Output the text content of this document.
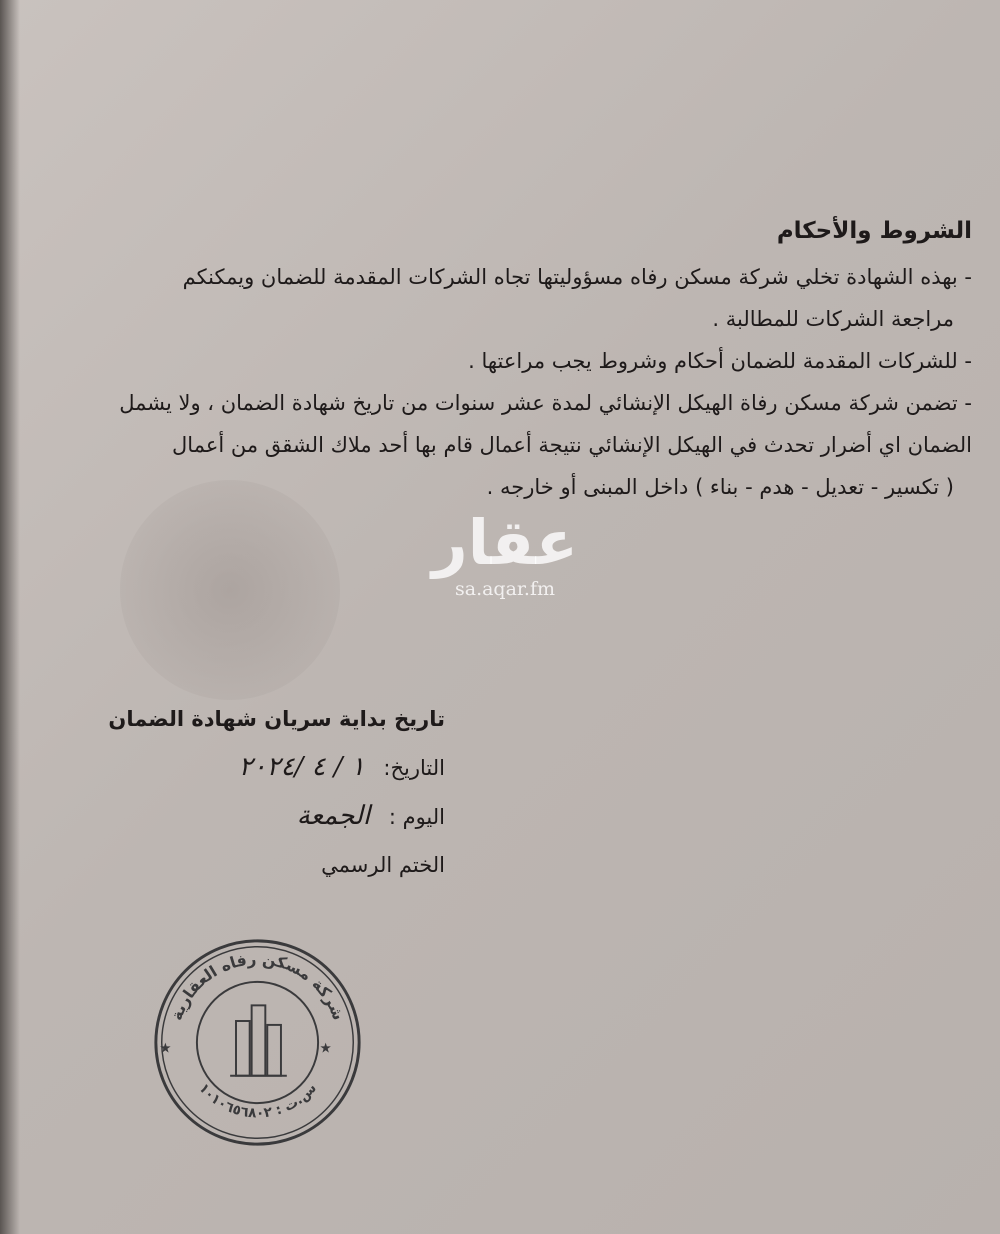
الشروط والأحكام

- بهذه الشهادة تخلي شركة مسكن رفاه مسؤوليتها تجاه الشركات المقدمة للضمان ويمكنكم

مراجعة الشركات للمطالبة .

- للشركات المقدمة للضمان أحكام وشروط يجب مراعتها .

- تضمن شركة مسكن رفاة الهيكل الإنشائي لمدة عشر سنوات من تاريخ شهادة الضمان ، ولا يشمل

الضمان اي أضرار تحدث في الهيكل الإنشائي نتيجة أعمال قام بها أحد ملاك الشقق من أعمال

( تكسير - تعديل - هدم - بناء ) داخل المبنى أو خارجه .

عقار
sa.aqar.fm
تاريخ بداية سريان شهادة الضمان
التاريخ: ١ / ٤ /٢٠٢٤
اليوم : الجمعة
الختم الرسمي
شركة مسكن رفاه العقارية
س.ت : ١٠١٠٦٥٦٨٠٢
★	★
